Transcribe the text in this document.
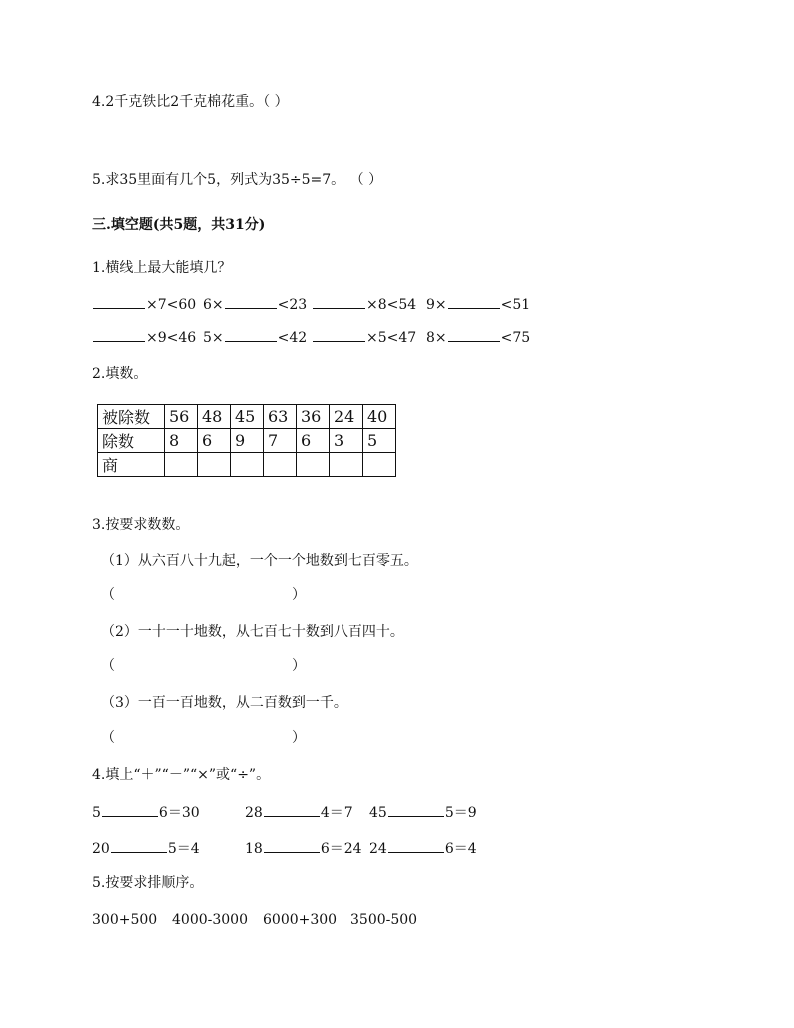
4.2千克铁比2千克棉花重。（ ）
5.求35里面有几个5，列式为35÷5=7。 （ ）
三.填空题(共5题，共31分)
1.横线上最大能填几？
×7<60 6×	<23	×8<54 9×	<51
×9<46 5×	<42	×5<47 8×	<75
2.填数。
被除数	56	48	45	63	36	24	40
除数	8	6	9	7	6	3	5
商							
3.按要求数数。
（1）从六百八十九起，一个一个地数到七百零五。
（	）
（2）一十一十地数，从七百七十数到八百四十。
（	）
（3）一百一百地数，从二百数到一千。
（	）
4.填上“＋”“－”“×”或“÷”。
5	6＝30	28	4＝7 45	5＝9
20	5＝4	18	6＝24 24	6＝4
5.按要求排顺序。
300+500 4000-3000 6000+300 3500-500
